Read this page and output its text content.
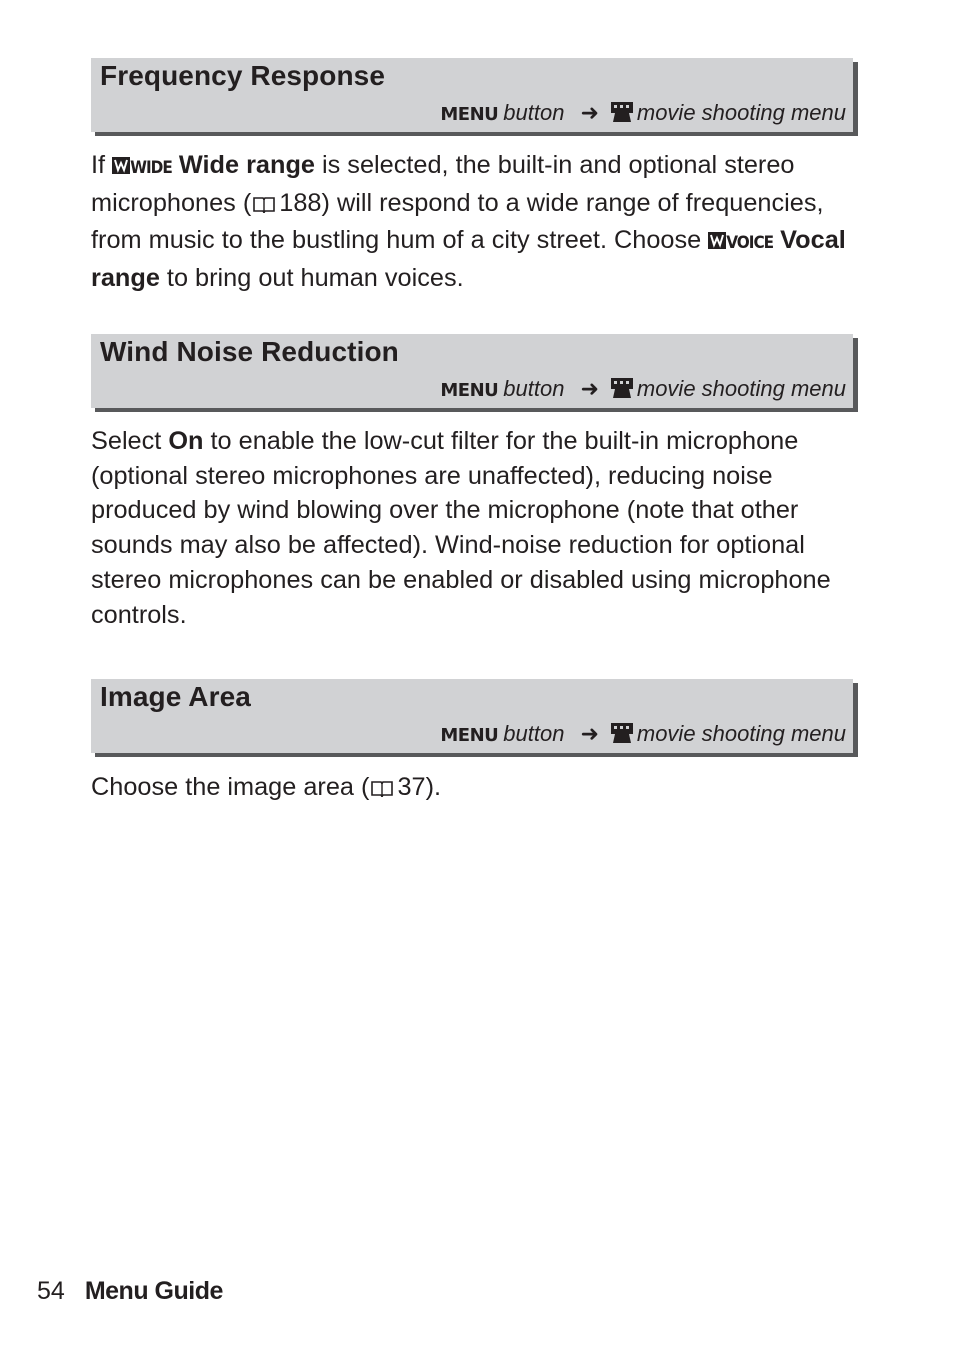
Frequency Response
MENU button ➜ movie shooting menu

If WIDE Wide range is selected, the built-in and optional stereo microphones ( 188) will respond to a wide range of frequencies, from music to the bustling hum of a city street. Choose VOICE Vocal range to bring out human voices.

Wind Noise Reduction
MENU button ➜ movie shooting menu

Select On to enable the low-cut filter for the built-in microphone (optional stereo microphones are unaffected), reducing noise produced by wind blowing over the microphone (note that other sounds may also be affected). Wind-noise reduction for optional stereo microphones can be enabled or disabled using microphone controls.

Image Area
MENU button ➜ movie shooting menu

Choose the image area ( 37).

54 Menu Guide
